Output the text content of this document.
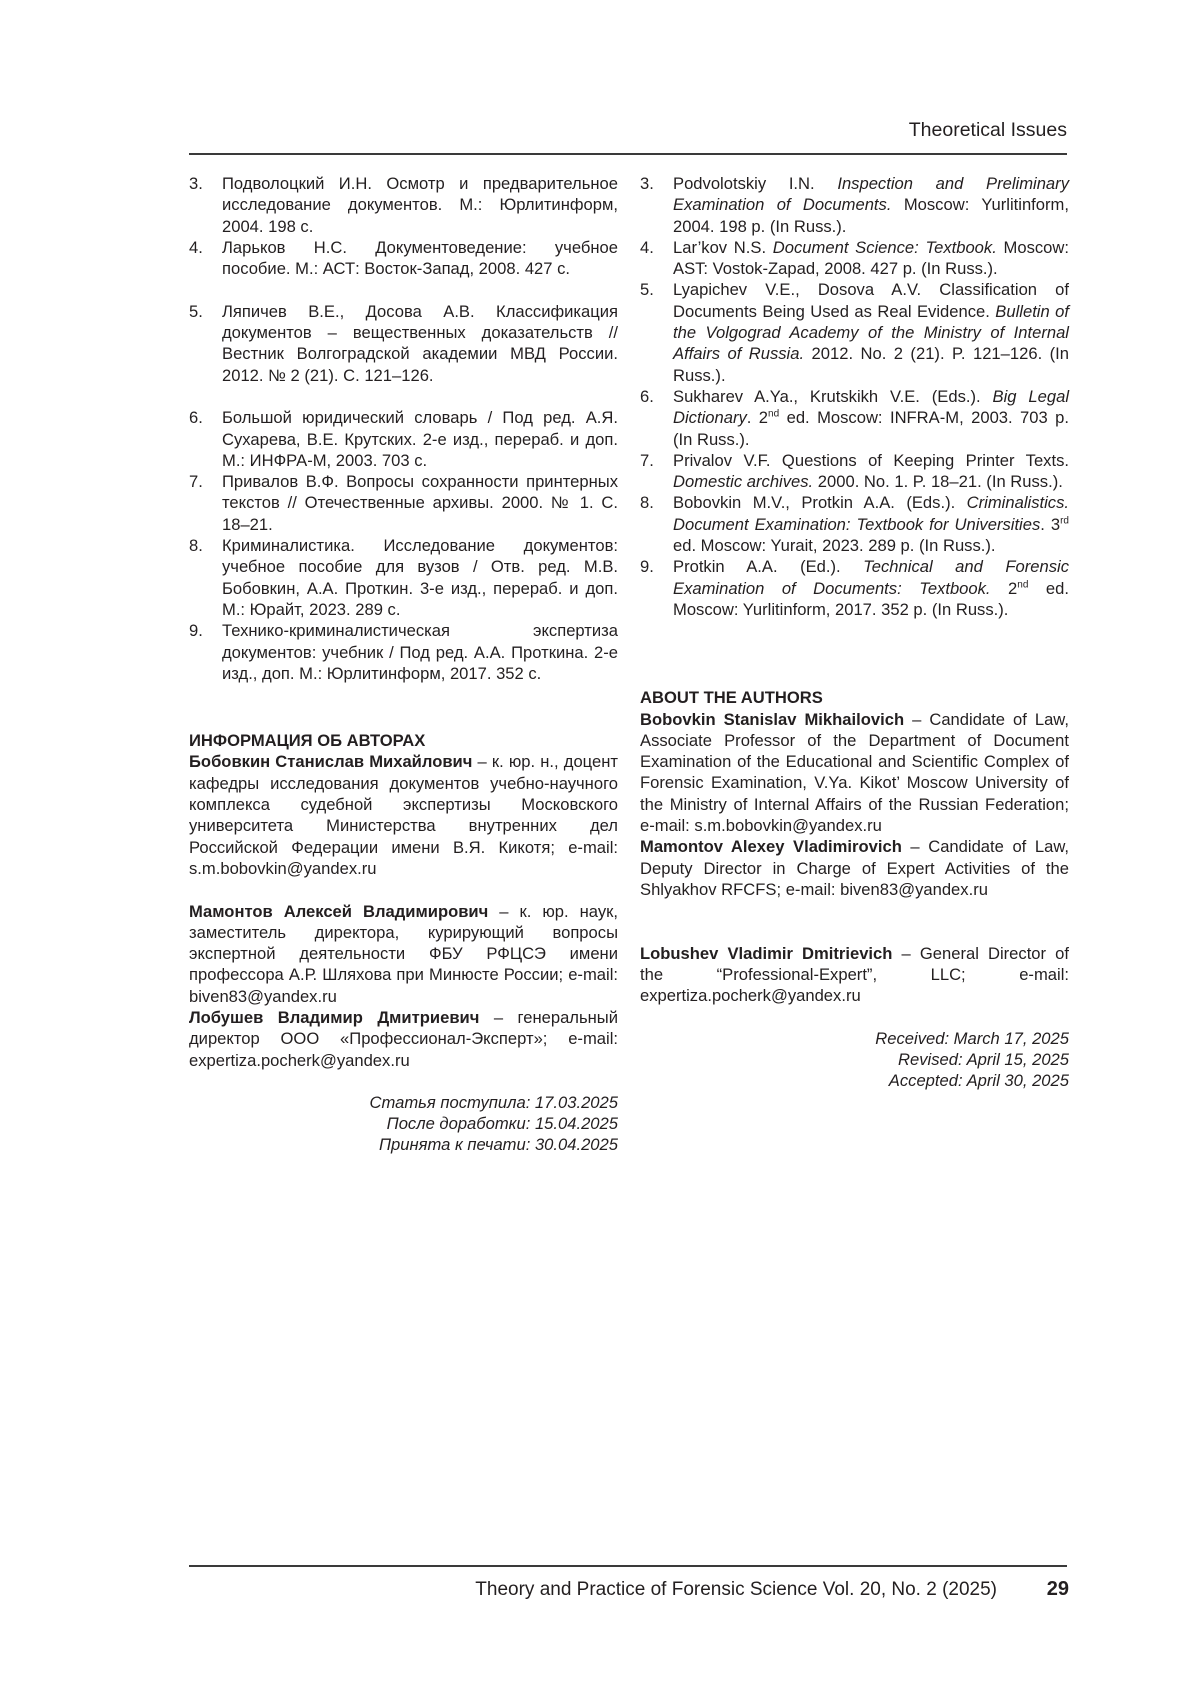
Theoretical Issues
3. Подволоцкий И.Н. Осмотр и предварительное исследование документов. М.: Юрлитинформ, 2004. 198 с.
4. Ларьков Н.С. Документоведение: учебное пособие. М.: АСТ: Восток-Запад, 2008. 427 с.
5. Ляпичев В.Е., Досова А.В. Классификация документов – вещественных доказательств // Вестник Волгоградской академии МВД России. 2012. № 2 (21). С. 121–126.
6. Большой юридический словарь / Под ред. А.Я. Сухарева, В.Е. Крутских. 2-е изд., перераб. и доп. М.: ИНФРА-М, 2003. 703 с.
7. Привалов В.Ф. Вопросы сохранности принтерных текстов // Отечественные архивы. 2000. № 1. С. 18–21.
8. Криминалистика. Исследование документов: учебное пособие для вузов / Отв. ред. М.В. Бобовкин, А.А. Проткин. 3-е изд., перераб. и доп. М.: Юрайт, 2023. 289 с.
9. Технико-криминалистическая экспертиза документов: учебник / Под ред. А.А. Проткина. 2-е изд., доп. М.: Юрлитинформ, 2017. 352 с.
ИНФОРМАЦИЯ ОБ АВТОРАХ
Бобовкин Станислав Михайлович – к. юр. н., доцент кафедры исследования документов учебно-научного комплекса судебной экспертизы Московского университета Министерства внутренних дел Российской Федерации имени В.Я. Кикотя; e-mail: s.m.bobovkin@yandex.ru
Мамонтов Алексей Владимирович – к. юр. наук, заместитель директора, курирующий вопросы экспертной деятельности ФБУ РФЦСЭ имени профессора А.Р. Шляхова при Минюсте России; e-mail: biven83@yandex.ru
Лобушев Владимир Дмитриевич – генеральный директор ООО «Профессионал-Эксперт»; e-mail: expertiza.pocherk@yandex.ru
Статья поступила: 17.03.2025
После доработки: 15.04.2025
Принята к печати: 30.04.2025
3. Podvolotskiy I.N. Inspection and Preliminary Examination of Documents. Moscow: Yurlitinform, 2004. 198 p. (In Russ.).
4. Lar’kov N.S. Document Science: Textbook. Moscow: AST: Vostok-Zapad, 2008. 427 p. (In Russ.).
5. Lyapichev V.E., Dosova A.V. Classification of Documents Being Used as Real Evidence. Bulletin of the Volgograd Academy of the Ministry of Internal Affairs of Russia. 2012. No. 2 (21). P. 121–126. (In Russ.).
6. Sukharev A.Ya., Krutskikh V.E. (Eds.). Big Legal Dictionary. 2nd ed. Moscow: INFRA-M, 2003. 703 p. (In Russ.).
7. Privalov V.F. Questions of Keeping Printer Texts. Domestic archives. 2000. No. 1. P. 18–21. (In Russ.).
8. Bobovkin M.V., Protkin A.A. (Eds.). Criminalistics. Document Examination: Textbook for Universities. 3rd ed. Moscow: Yurait, 2023. 289 p. (In Russ.).
9. Protkin A.A. (Ed.). Technical and Forensic Examination of Documents: Textbook. 2nd ed. Moscow: Yurlitinform, 2017. 352 p. (In Russ.).
ABOUT THE AUTHORS
Bobovkin Stanislav Mikhailovich – Candidate of Law, Associate Professor of the Department of Document Examination of the Educational and Scientific Complex of Forensic Examination, V.Ya. Kikot’ Moscow University of the Ministry of Internal Affairs of the Russian Federation; e-mail: s.m.bobovkin@yandex.ru
Mamontov Alexey Vladimirovich – Candidate of Law, Deputy Director in Charge of Expert Activities of the Shlyakhov RFCFS; e-mail: biven83@yandex.ru
Lobushev Vladimir Dmitrievich – General Director of the “Professional-Expert”, LLC; e-mail: expertiza.pocherk@yandex.ru
Received: March 17, 2025
Revised: April 15, 2025
Accepted: April 30, 2025
Theory and Practice of Forensic Science Vol. 20, No. 2 (2025) 29
